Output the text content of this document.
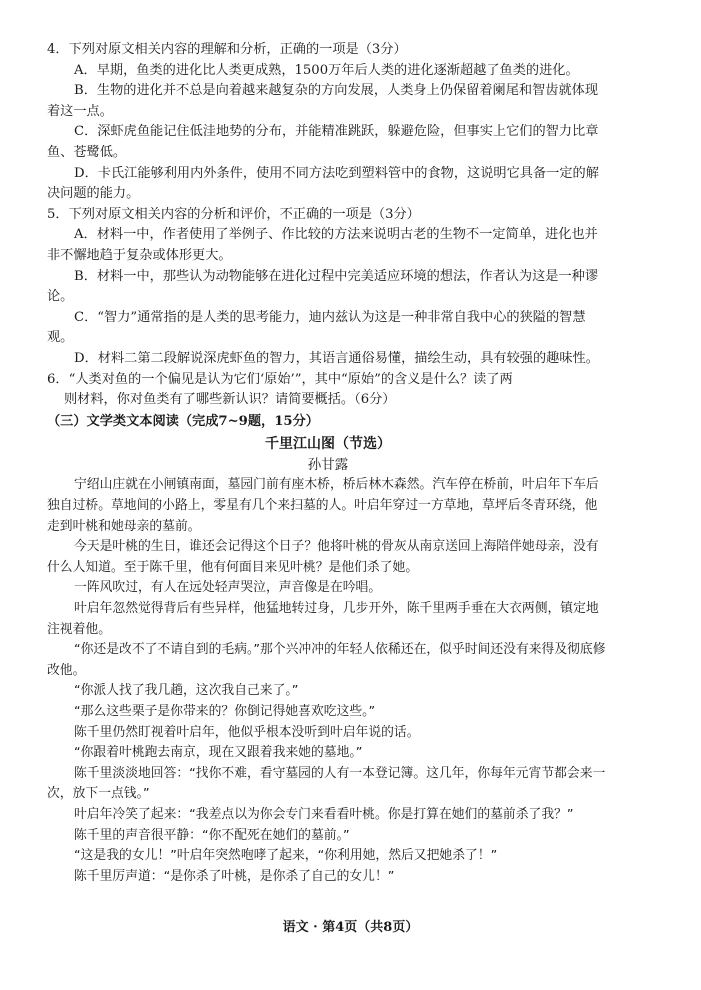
4．下列对原文相关内容的理解和分析，正确的一项是（3分）

A．早期，鱼类的进化比人类更成熟，1500万年后人类的进化逐渐超越了鱼类的进化。

B．生物的进化并不总是向着越来越复杂的方向发展，人类身上仍保留着阑尾和智齿就体现着这一点。

C．深虾虎鱼能记住低洼地势的分布，并能精准跳跃，躲避危险，但事实上它们的智力比章鱼、苍鹭低。

D．卡氏江能够利用内外条件，使用不同方法吃到塑料管中的食物，这说明它具备一定的解决问题的能力。

5．下列对原文相关内容的分析和评价，不正确的一项是（3分）

A．材料一中，作者使用了举例子、作比较的方法来说明古老的生物不一定简单，进化也并非不懈地趋于复杂或体形更大。

B．材料一中，那些认为动物能够在进化过程中完美适应环境的想法，作者认为这是一种谬论。

C．“智力”通常指的是人类的思考能力，迪内兹认为这是一种非常自我中心的狭隘的智慧观。

D．材料二第二段解说深虎虾鱼的智力，其语言通俗易懂，描绘生动，具有较强的趣味性。

6．“人类对鱼的一个偏见是认为它们‘原始’”，其中“原始”的含义是什么？读了两

则材料，你对鱼类有了哪些新认识？请简要概括。（6分）

（三）文学类文本阅读（完成7~9题，15分）

千里江山图（节选）

孙甘露

宁绍山庄就在小闸镇南面，墓园门前有座木桥，桥后林木森然。汽车停在桥前，叶启年下车后独自过桥。草地间的小路上，零星有几个来扫墓的人。叶启年穿过一方草地，草坪后冬青环绕，他走到叶桃和她母亲的墓前。

今天是叶桃的生日，谁还会记得这个日子？他将叶桃的骨灰从南京送回上海陪伴她母亲，没有什么人知道。至于陈千里，他有何面目来见叶桃？是他们杀了她。

一阵风吹过，有人在远处轻声哭泣，声音像是在吟唱。

叶启年忽然觉得背后有些异样，他猛地转过身，几步开外，陈千里两手垂在大衣两侧，镇定地注视着他。

“你还是改不了不请自到的毛病。”那个兴冲冲的年轻人依稀还在，似乎时间还没有来得及彻底修改他。

“你派人找了我几趟，这次我自己来了。”

“那么这些栗子是你带来的？你倒记得她喜欢吃这些。”

陈千里仍然盯视着叶启年，他似乎根本没听到叶启年说的话。

“你跟着叶桃跑去南京，现在又跟着我来她的墓地。”

陈千里淡淡地回答：“找你不难，看守墓园的人有一本登记簿。这几年，你每年元宵节都会来一次，放下一点钱。”

叶启年冷笑了起来：“我差点以为你会专门来看看叶桃。你是打算在她们的墓前杀了我？”

陈千里的声音很平静：“你不配死在她们的墓前。”

“这是我的女儿！”叶启年突然咆哮了起来，“你利用她，然后又把她杀了！”

陈千里厉声道：“是你杀了叶桃，是你杀了自己的女儿！”

语文 · 第4页（共8页）
